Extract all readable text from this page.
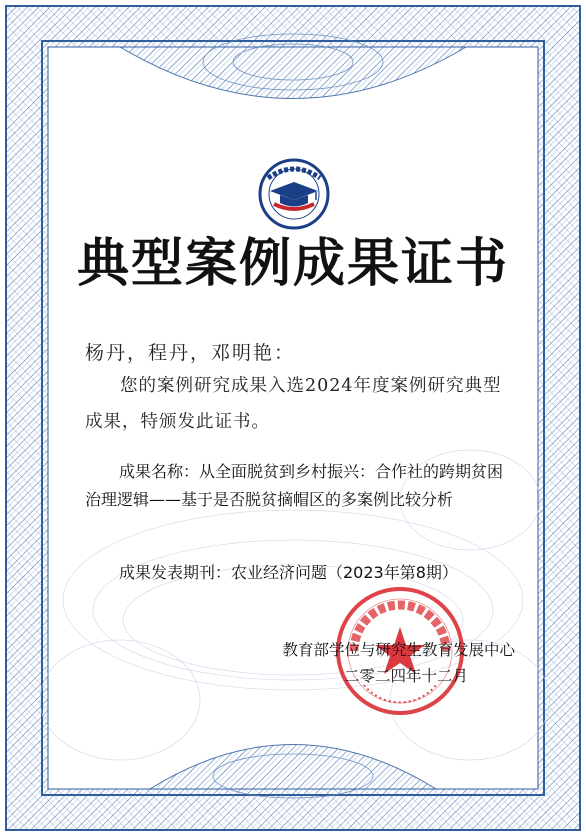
典型案例成果证书
杨丹，程丹，邓明艳：
您的案例研究成果入选2024年度案例研究典型成果，特颁发此证书。
成果名称：从全面脱贫到乡村振兴：合作社的跨期贫困治理逻辑——基于是否脱贫摘帽区的多案例比较分析
成果发表期刊：农业经济问题（2023年第8期）
教育部学位与研究生教育发展中心
二零二四年十二月
